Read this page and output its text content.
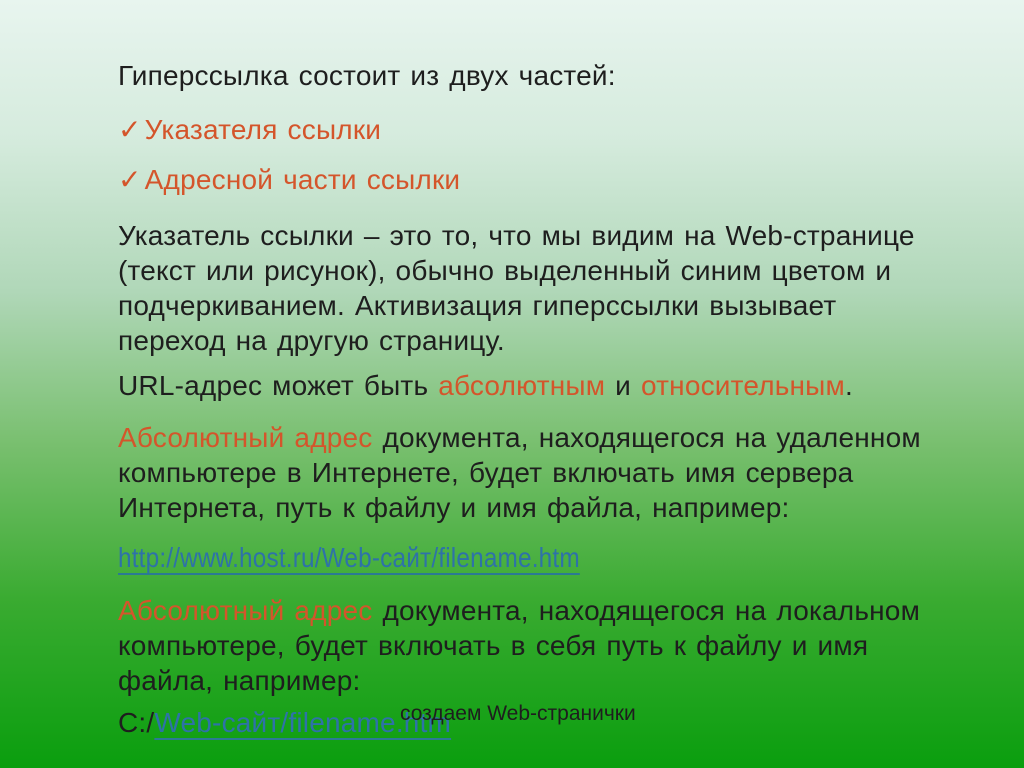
Гиперссылка состоит из двух частей:

✓ Указателя ссылки

✓ Адресной части ссылки

Указатель ссылки – это то, что мы видим на Web-странице (текст или рисунок), обычно выделенный синим цветом и подчеркиванием. Активизация гиперссылки вызывает переход на другую страницу.

URL-адрес может быть абсолютным и относительным.

Абсолютный адрес документа, находящегося на удаленном компьютере в Интернете, будет включать имя сервера Интернета, путь к файлу и имя файла, например:

http://www.host.ru/Web-сайт/filename.htm

Абсолютный адрес документа, находящегося на локальном компьютере, будет включать в себя путь к файлу и имя файла, например:

C:/Web-сайт/filename.htm

создаем Web-странички
